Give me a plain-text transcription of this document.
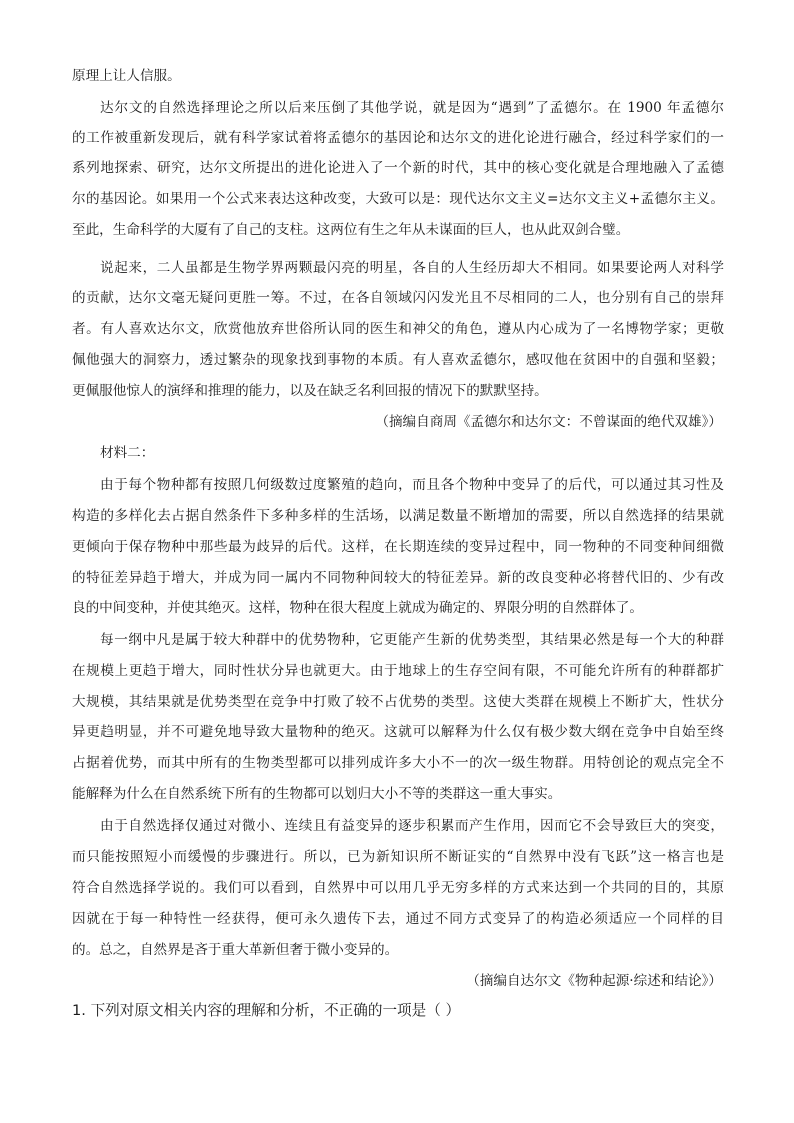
原理上让人信服。
达尔文的自然选择理论之所以后来压倒了其他学说，就是因为“遇到”了孟德尔。在 1900 年孟德尔
的工作被重新发现后，就有科学家试着将孟德尔的基因论和达尔文的进化论进行融合，经过科学家们的一
系列地探索、研究，达尔文所提出的进化论进入了一个新的时代，其中的核心变化就是合理地融入了孟德
尔的基因论。如果用一个公式来表达这种改变，大致可以是：现代达尔文主义=达尔文主义+孟德尔主义。
至此，生命科学的大厦有了自己的支柱。这两位有生之年从未谋面的巨人，也从此双剑合璧。
说起来，二人虽都是生物学界两颗最闪亮的明星，各自的人生经历却大不相同。如果要论两人对科学
的贡献，达尔文毫无疑问更胜一筹。不过，在各自领域闪闪发光且不尽相同的二人，也分别有自己的崇拜
者。有人喜欢达尔文，欣赏他放弃世俗所认同的医生和神父的角色，遵从内心成为了一名博物学家；更敬
佩他强大的洞察力，透过繁杂的现象找到事物的本质。有人喜欢孟德尔，感叹他在贫困中的自强和坚毅；
更佩服他惊人的演绎和推理的能力，以及在缺乏名利回报的情况下的默默坚持。
（摘编自商周《孟德尔和达尔文：不曾谋面的绝代双雄》）
材料二：
由于每个物种都有按照几何级数过度繁殖的趋向，而且各个物种中变异了的后代，可以通过其习性及
构造的多样化去占据自然条件下多种多样的生活场，以满足数量不断增加的需要，所以自然选择的结果就
更倾向于保存物种中那些最为歧异的后代。这样，在长期连续的变异过程中，同一物种的不同变种间细微
的特征差异趋于增大，并成为同一属内不同物种间较大的特征差异。新的改良变种必将替代旧的、少有改
良的中间变种，并使其绝灭。这样，物种在很大程度上就成为确定的、界限分明的自然群体了。
每一纲中凡是属于较大种群中的优势物种，它更能产生新的优势类型，其结果必然是每一个大的种群
在规模上更趋于增大，同时性状分异也就更大。由于地球上的生存空间有限，不可能允许所有的种群都扩
大规模，其结果就是优势类型在竞争中打败了较不占优势的类型。这使大类群在规模上不断扩大，性状分
异更趋明显，并不可避免地导致大量物种的绝灭。这就可以解释为什么仅有极少数大纲在竞争中自始至终
占据着优势，而其中所有的生物类型都可以排列成许多大小不一的次一级生物群。用特创论的观点完全不
能解释为什么在自然系统下所有的生物都可以划归大小不等的类群这一重大事实。
由于自然选择仅通过对微小、连续且有益变异的逐步积累而产生作用，因而它不会导致巨大的突变，
而只能按照短小而缓慢的步骤进行。所以，已为新知识所不断证实的“自然界中没有飞跃”这一格言也是
符合自然选择学说的。我们可以看到，自然界中可以用几乎无穷多样的方式来达到一个共同的目的，其原
因就在于每一种特性一经获得，便可永久遗传下去，通过不同方式变异了的构造必须适应一个同样的目
的。总之，自然界是吝于重大革新但奢于微小变异的。
（摘编自达尔文《物种起源·综述和结论》）
1. 下列对原文相关内容的理解和分析，不正确的一项是（ ）
